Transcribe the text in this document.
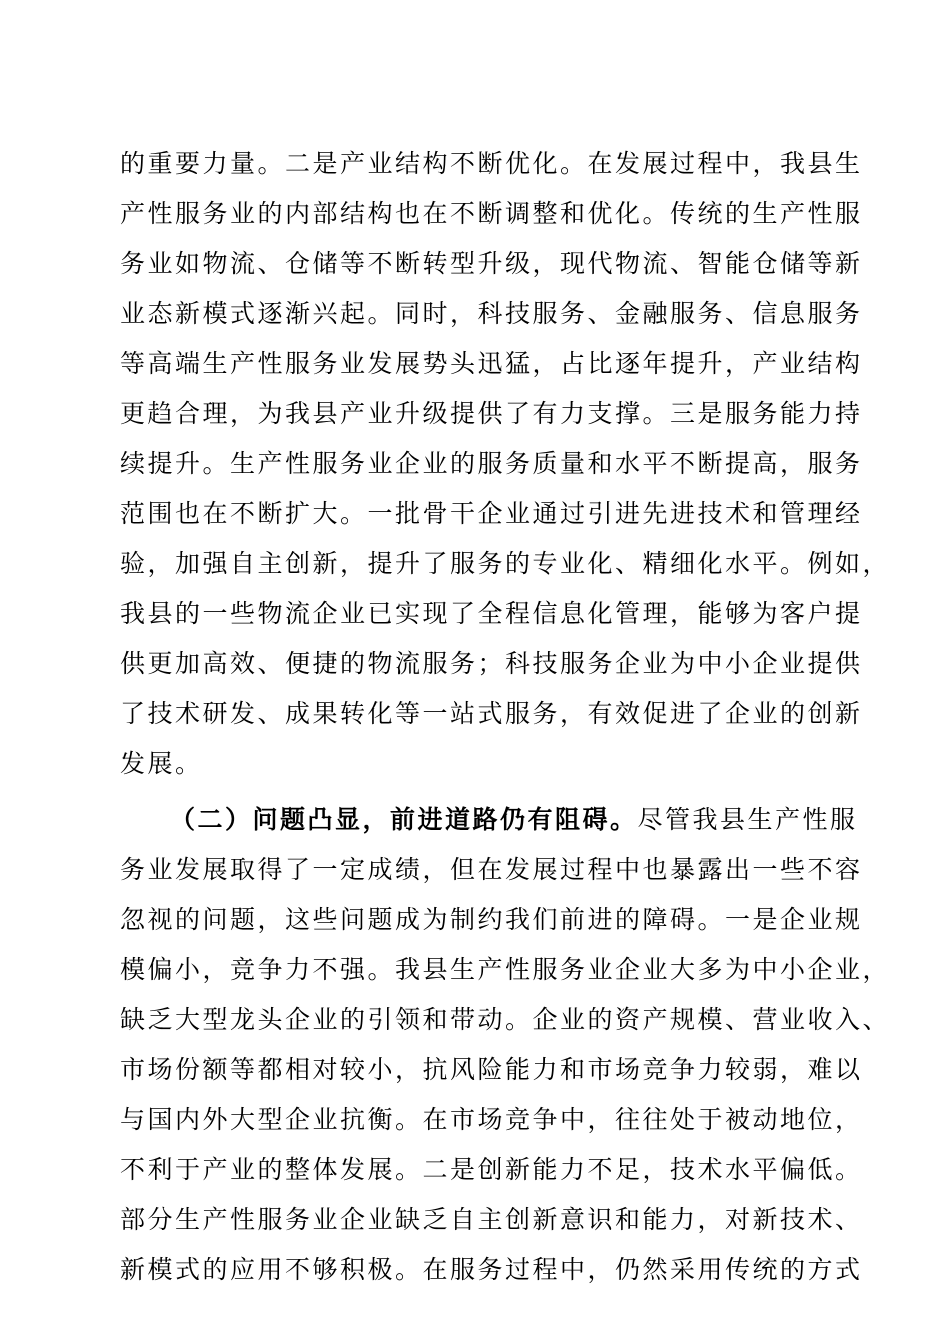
的重要力量。二是产业结构不断优化。在发展过程中，我县生
产性服务业的内部结构也在不断调整和优化。传统的生产性服
务业如物流、仓储等不断转型升级，现代物流、智能仓储等新
业态新模式逐渐兴起。同时，科技服务、金融服务、信息服务
等高端生产性服务业发展势头迅猛，占比逐年提升，产业结构
更趋合理，为我县产业升级提供了有力支撑。三是服务能力持
续提升。生产性服务业企业的服务质量和水平不断提高，服务
范围也在不断扩大。一批骨干企业通过引进先进技术和管理经
验，加强自主创新，提升了服务的专业化、精细化水平。例如，
我县的一些物流企业已实现了全程信息化管理，能够为客户提
供更加高效、便捷的物流服务；科技服务企业为中小企业提供
了技术研发、成果转化等一站式服务，有效促进了企业的创新
发展。
（二）问题凸显，前进道路仍有阻碍。尽管我县生产性服
务业发展取得了一定成绩，但在发展过程中也暴露出一些不容
忽视的问题，这些问题成为制约我们前进的障碍。一是企业规
模偏小，竞争力不强。我县生产性服务业企业大多为中小企业，
缺乏大型龙头企业的引领和带动。企业的资产规模、营业收入、
市场份额等都相对较小，抗风险能力和市场竞争力较弱，难以
与国内外大型企业抗衡。在市场竞争中，往往处于被动地位，
不利于产业的整体发展。二是创新能力不足，技术水平偏低。
部分生产性服务业企业缺乏自主创新意识和能力，对新技术、
新模式的应用不够积极。在服务过程中，仍然采用传统的方式
